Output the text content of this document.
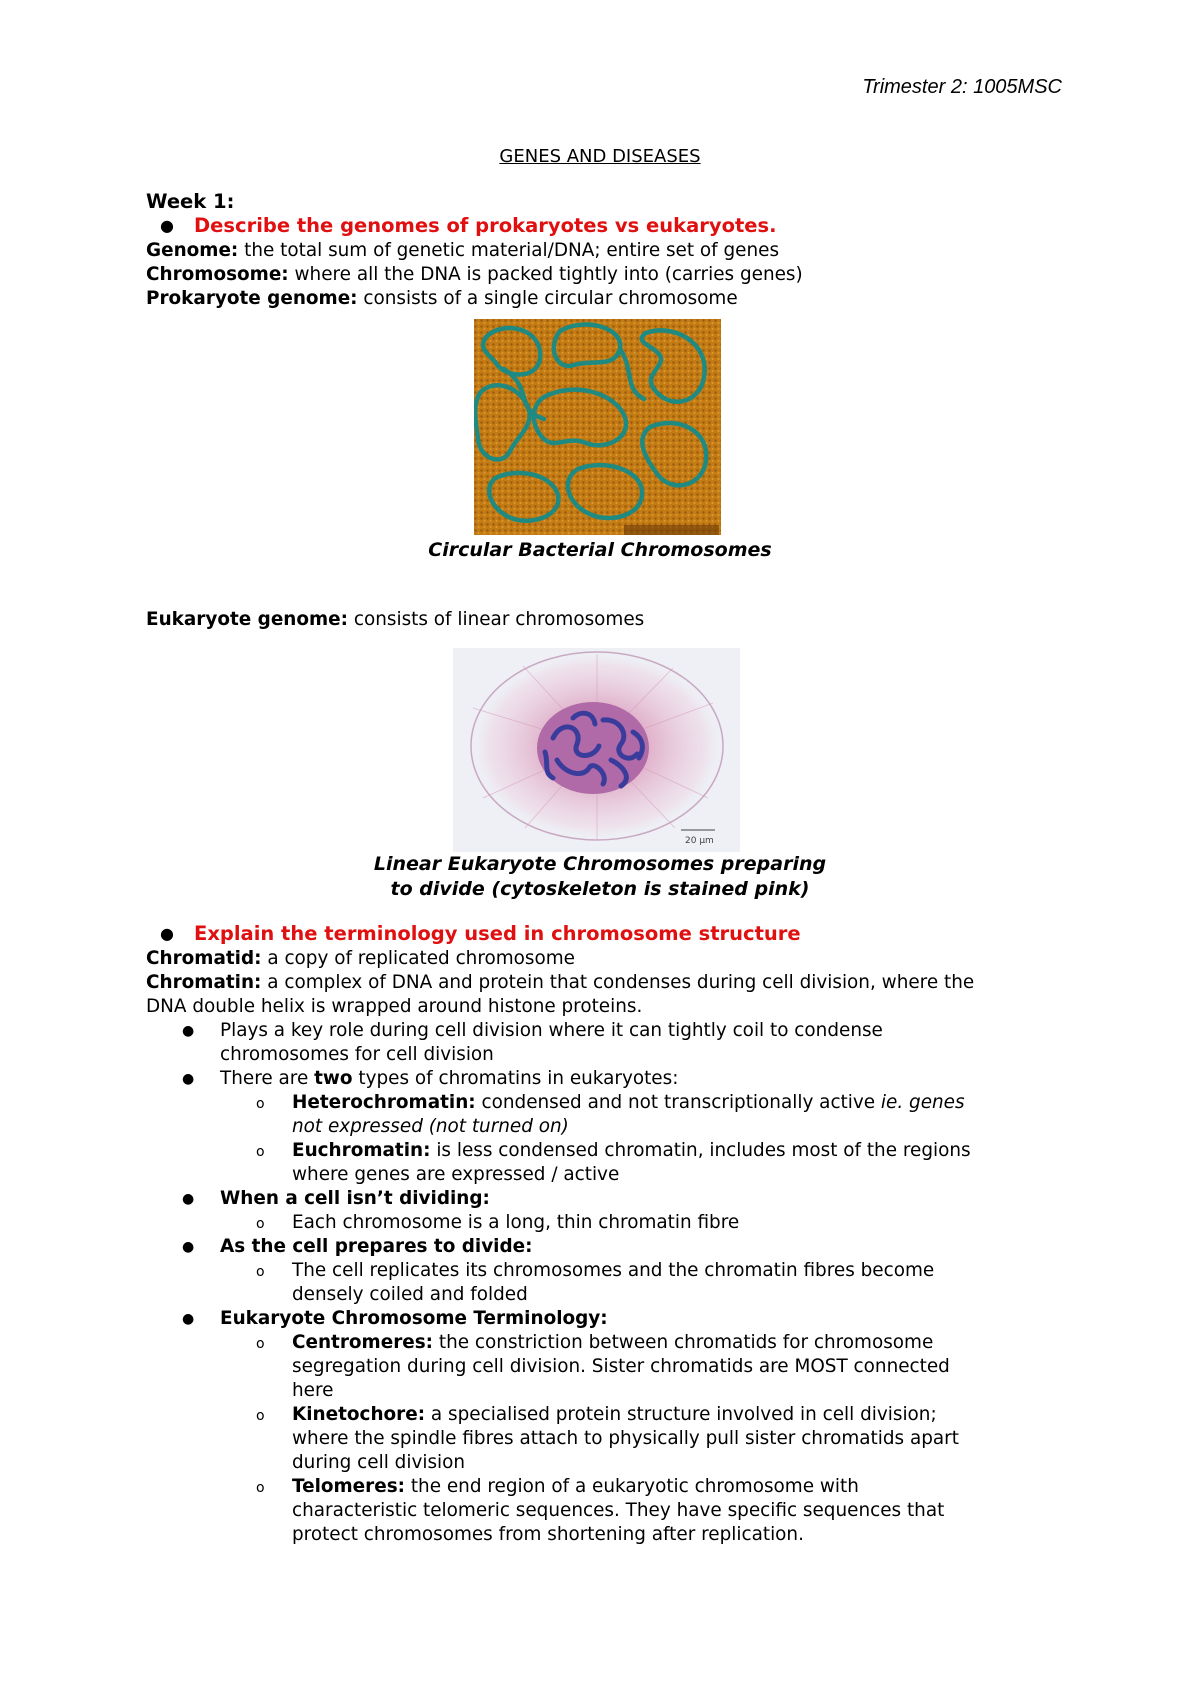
Trimester 2: 1005MSC
GENES AND DISEASES
Week 1:
● Describe the genomes of prokaryotes vs eukaryotes.
Genome: the total sum of genetic material/DNA; entire set of genes
Chromosome: where all the DNA is packed tightly into (carries genes)
Prokaryote genome: consists of a single circular chromosome
Circular Bacterial Chromosomes
Eukaryote genome: consists of linear chromosomes
20 µm
Linear Eukaryote Chromosomes preparing
to divide (cytoskeleton is stained pink)
● Explain the terminology used in chromosome structure
Chromatid: a copy of replicated chromosome
Chromatin: a complex of DNA and protein that condenses during cell division, where the
DNA double helix is wrapped around histone proteins.
● Plays a key role during cell division where it can tightly coil to condense
chromosomes for cell division
● There are two types of chromatins in eukaryotes:
o Heterochromatin: condensed and not transcriptionally active ie. genes
not expressed (not turned on)
o Euchromatin: is less condensed chromatin, includes most of the regions
where genes are expressed / active
● When a cell isn’t dividing:
o Each chromosome is a long, thin chromatin fibre
● As the cell prepares to divide:
o The cell replicates its chromosomes and the chromatin fibres become
densely coiled and folded
● Eukaryote Chromosome Terminology:
o Centromeres: the constriction between chromatids for chromosome
segregation during cell division. Sister chromatids are MOST connected
here
o Kinetochore: a specialised protein structure involved in cell division;
where the spindle fibres attach to physically pull sister chromatids apart
during cell division
o Telomeres: the end region of a eukaryotic chromosome with
characteristic telomeric sequences. They have specific sequences that
protect chromosomes from shortening after replication.
